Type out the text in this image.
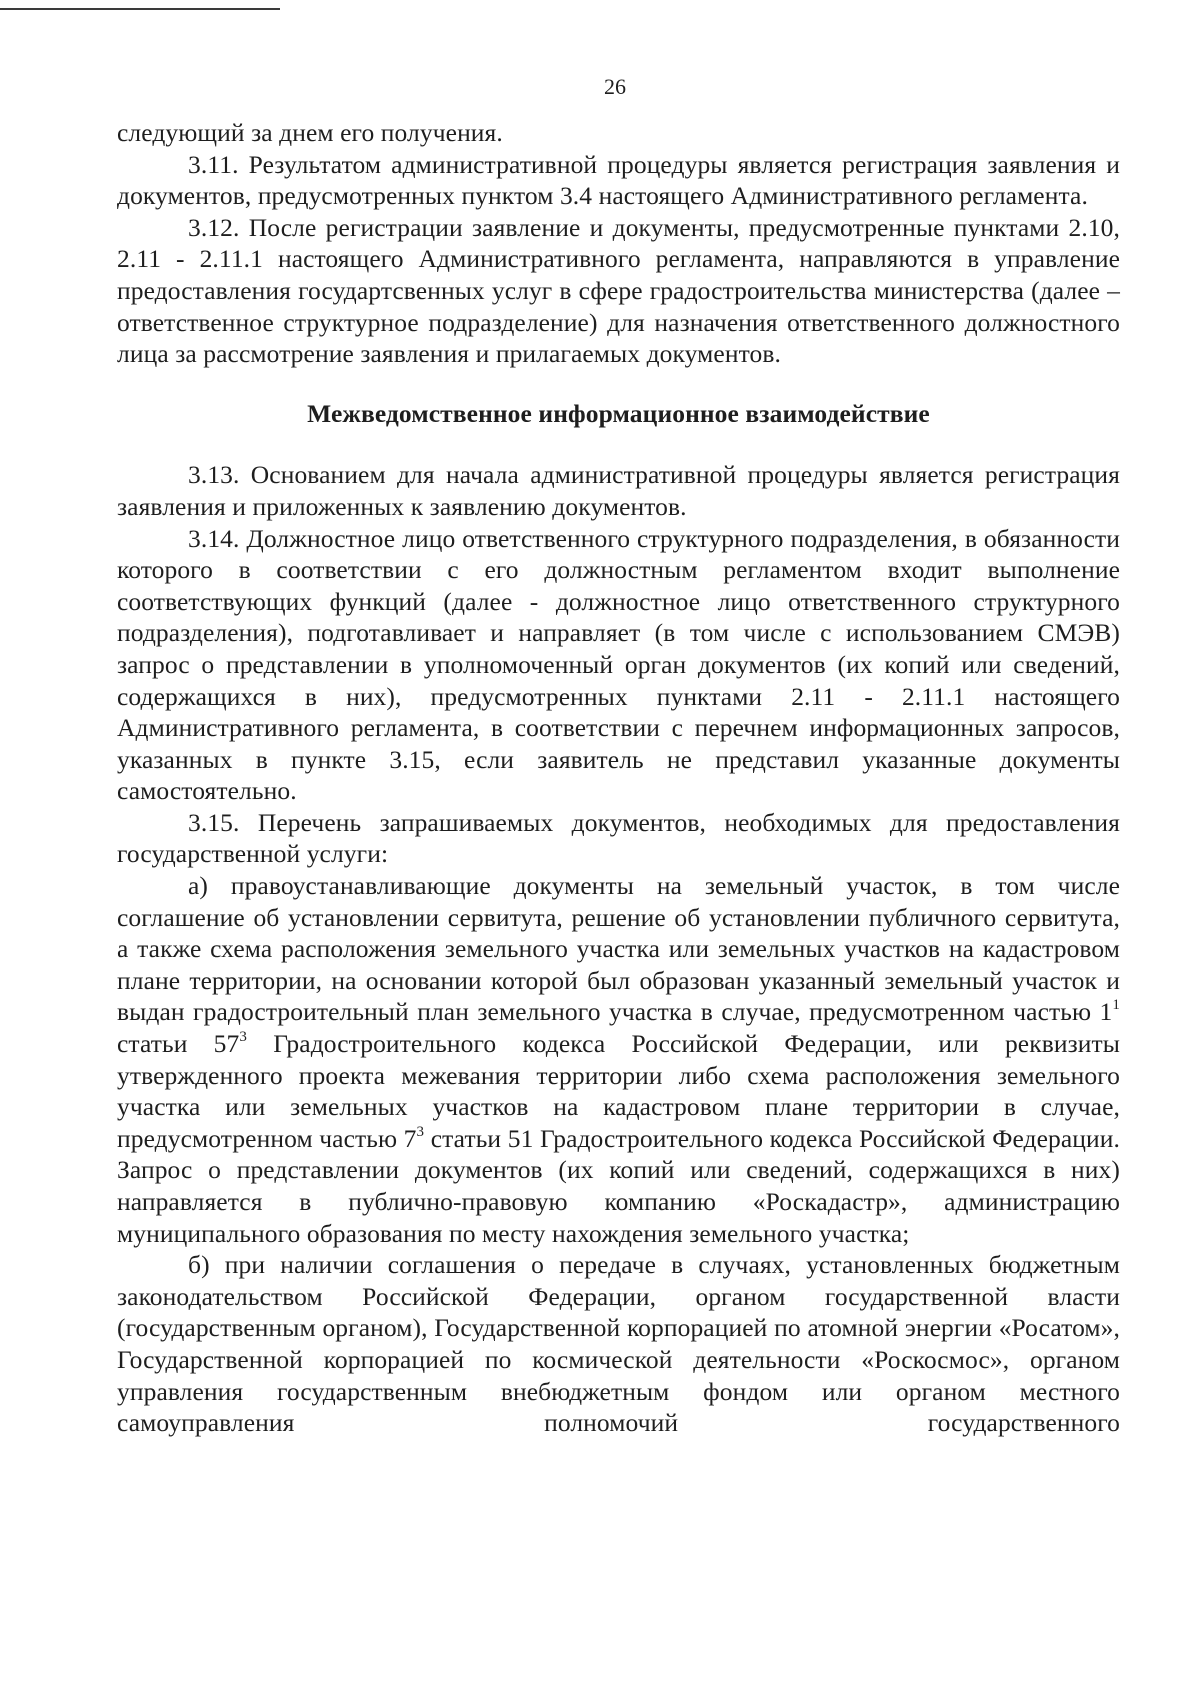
26

следующий за днем его получения.

3.11. Результатом административной процедуры является регистрация заявления и документов, предусмотренных пунктом 3.4 настоящего Административного регламента.

3.12. После регистрации заявление и документы, предусмотренные пунктами 2.10, 2.11 - 2.11.1 настоящего Административного регламента, направляются в управление предоставления государтсвенных услуг в сфере градостроительства министерства (далее – ответственное структурное подразделение) для назначения ответственного должностного лица за рассмотрение заявления и прилагаемых документов.

Межведомственное информационное взаимодействие

3.13. Основанием для начала административной процедуры является регистрация заявления и приложенных к заявлению документов.

3.14. Должностное лицо ответственного структурного подразделения, в обязанности которого в соответствии с его должностным регламентом входит выполнение соответствующих функций (далее - должностное лицо ответственного структурного подразделения), подготавливает и направляет (в том числе с использованием СМЭВ) запрос о представлении в уполномоченный орган документов (их копий или сведений, содержащихся в них), предусмотренных пунктами 2.11 - 2.11.1 настоящего Административного регламента, в соответствии с перечнем информационных запросов, указанных в пункте 3.15, если заявитель не представил указанные документы самостоятельно.

3.15. Перечень запрашиваемых документов, необходимых для предоставления государственной услуги:

а) правоустанавливающие документы на земельный участок, в том числе соглашение об установлении сервитута, решение об установлении публичного сервитута, а также схема расположения земельного участка или земельных участков на кадастровом плане территории, на основании которой был образован указанный земельный участок и выдан градостроительный план земельного участка в случае, предусмотренном частью $1^1$ статьи $57^3$ Градостроительного кодекса Российской Федерации, или реквизиты утвержденного проекта межевания территории либо схема расположения земельного участка или земельных участков на кадастровом плане территории в случае, предусмотренном частью $7^3$ статьи 51 Градостроительного кодекса Российской Федерации. Запрос о представлении документов (их копий или сведений, содержащихся в них) направляется в публично-правовую компанию «Роскадастр», администрацию муниципального образования по месту нахождения земельного участка;

б) при наличии соглашения о передаче в случаях, установленных бюджетным законодательством Российской Федерации, органом государственной власти (государственным органом), Государственной корпорацией по атомной энергии «Росатом», Государственной корпорацией по космической деятельности «Роскосмос», органом управления государственным внебюджетным фондом или органом местного самоуправления полномочий государственного
